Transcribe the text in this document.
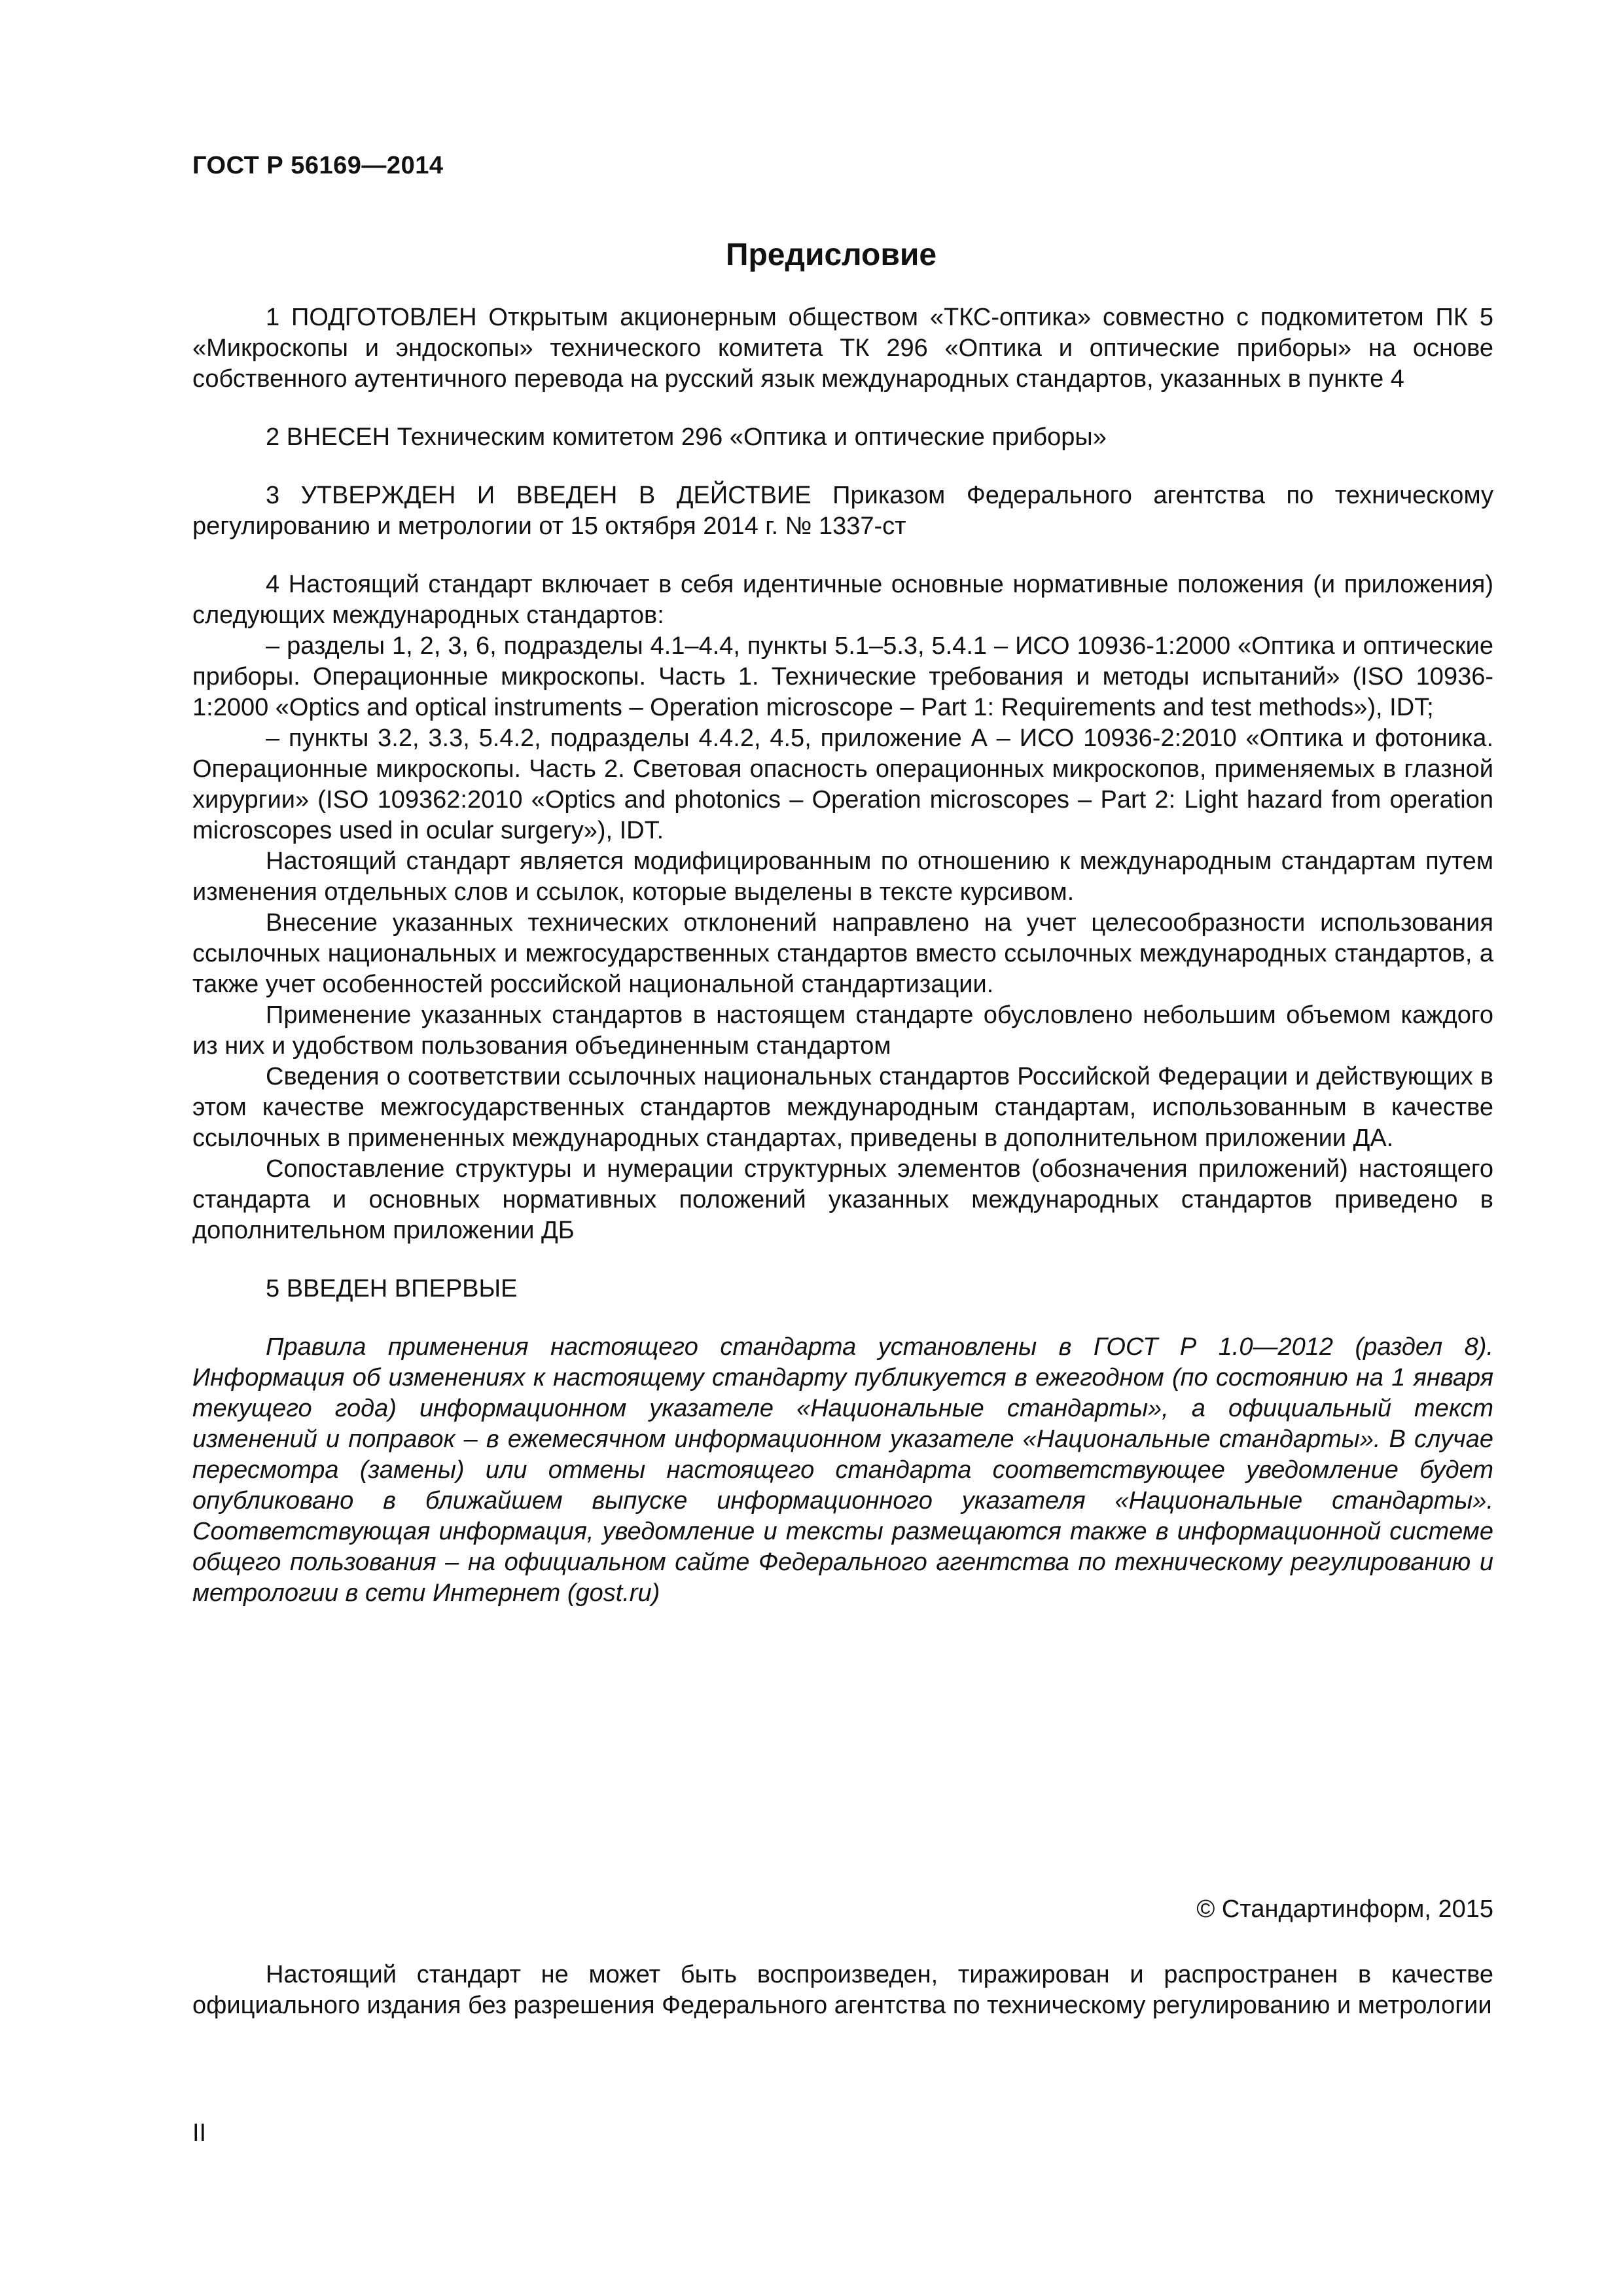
ГОСТ Р 56169—2014
Предисловие

1 ПОДГОТОВЛЕН Открытым акционерным обществом «ТКС-оптика» совместно с подкомитетом ПК 5 «Микроскопы и эндоскопы» технического комитета ТК 296 «Оптика и оптические приборы» на основе собственного аутентичного перевода на русский язык международных стандартов, указанных в пункте 4

2 ВНЕСЕН Техническим комитетом 296 «Оптика и оптические приборы»

3 УТВЕРЖДЕН И ВВЕДЕН В ДЕЙСТВИЕ Приказом Федерального агентства по техническому регулированию и метрологии от 15 октября 2014 г. № 1337-ст

4 Настоящий стандарт включает в себя идентичные основные нормативные положения (и приложения) следующих международных стандартов:

– разделы 1, 2, 3, 6, подразделы 4.1–4.4, пункты 5.1–5.3, 5.4.1 – ИСО 10936-1:2000 «Оптика и оптические приборы. Операционные микроскопы. Часть 1. Технические требования и методы испытаний» (ISO 10936-1:2000 «Optics and optical instruments – Operation microscope – Part 1: Requirements and test methods»), IDT;

– пункты 3.2, 3.3, 5.4.2, подразделы 4.4.2, 4.5, приложение А – ИСО 10936-2:2010 «Оптика и фотоника. Операционные микроскопы. Часть 2. Световая опасность операционных микроскопов, применяемых в глазной хирургии» (ISO 109362:2010 «Optics and photonics – Operation microscopes – Part 2: Light hazard from operation microscopes used in ocular surgery»), IDT.

Настоящий стандарт является модифицированным по отношению к международным стандартам путем изменения отдельных слов и ссылок, которые выделены в тексте курсивом.

Внесение указанных технических отклонений направлено на учет целесообразности использования ссылочных национальных и межгосударственных стандартов вместо ссылочных международных стандартов, а также учет особенностей российской национальной стандартизации.

Применение указанных стандартов в настоящем стандарте обусловлено небольшим объемом каждого из них и удобством пользования объединенным стандартом

Сведения о соответствии ссылочных национальных стандартов Российской Федерации и действующих в этом качестве межгосударственных стандартов международным стандартам, использованным в качестве ссылочных в примененных международных стандартах, приведены в дополнительном приложении ДА.

Сопоставление структуры и нумерации структурных элементов (обозначения приложений) настоящего стандарта и основных нормативных положений указанных международных стандартов приведено в дополнительном приложении ДБ

5 ВВЕДЕН ВПЕРВЫЕ

Правила применения настоящего стандарта установлены в ГОСТ Р 1.0—2012 (раздел 8). Информация об изменениях к настоящему стандарту публикуется в ежегодном (по состоянию на 1 января текущего года) информационном указателе «Национальные стандарты», а официальный текст изменений и поправок – в ежемесячном информационном указателе «Национальные стандарты». В случае пересмотра (замены) или отмены настоящего стандарта соответствующее уведомление будет опубликовано в ближайшем выпуске информационного указателя «Национальные стандарты». Соответствующая информация, уведомление и тексты размещаются также в информационной системе общего пользования – на официальном сайте Федерального агентства по техническому регулированию и метрологии в сети Интернет (gost.ru)

© Стандартинформ, 2015
Настоящий стандарт не может быть воспроизведен, тиражирован и распространен в качестве официального издания без разрешения Федерального агентства по техническому регулированию и метрологии
II
